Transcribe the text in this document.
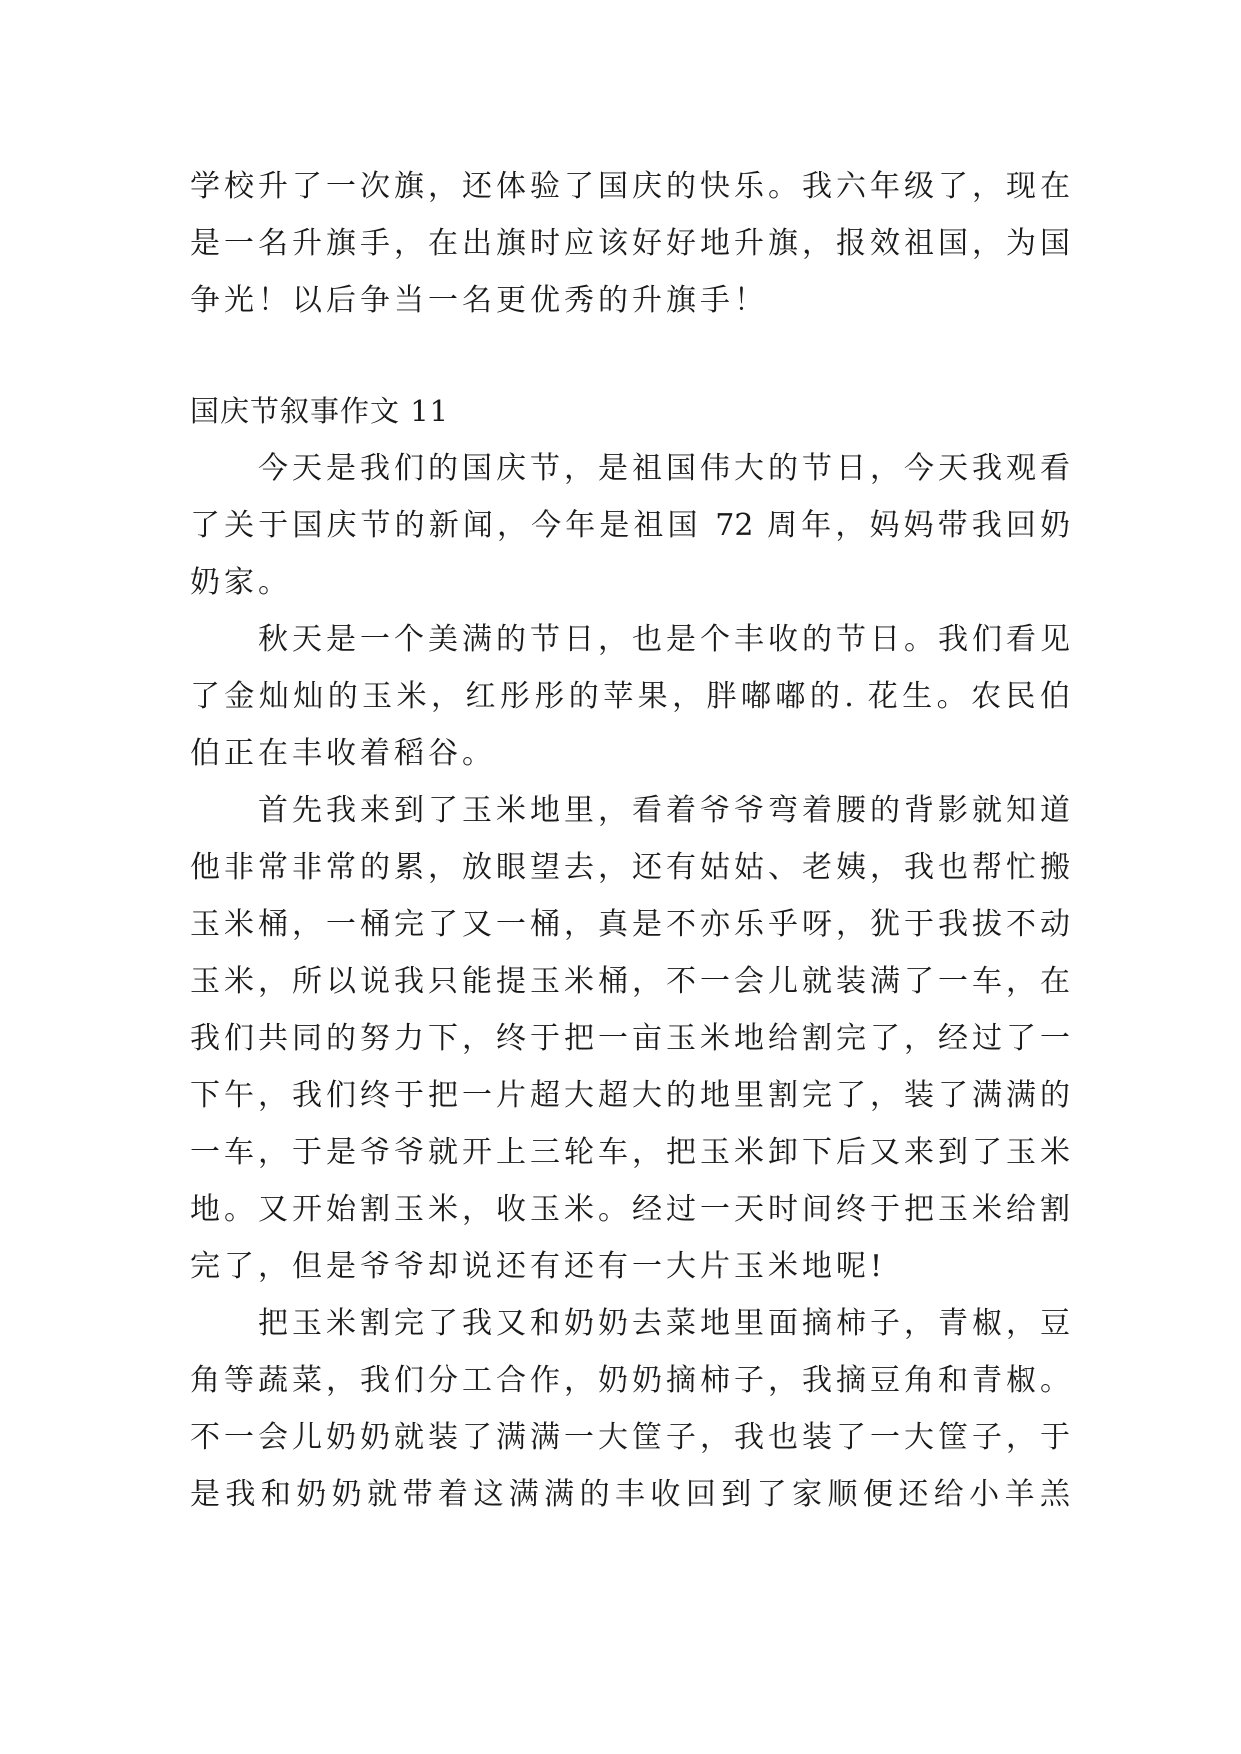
学校升了一次旗，还体验了国庆的快乐。我六年级了，现在
是一名升旗手，在出旗时应该好好地升旗，报效祖国，为国
争光！以后争当一名更优秀的升旗手！
国庆节叙事作文 11
今天是我们的国庆节，是祖国伟大的节日，今天我观看
了关于国庆节的新闻，今年是祖国 72 周年，妈妈带我回奶
奶家。
秋天是一个美满的节日，也是个丰收的节日。我们看见
了金灿灿的玉米，红彤彤的苹果，胖嘟嘟的. 花生。农民伯
伯正在丰收着稻谷。
首先我来到了玉米地里，看着爷爷弯着腰的背影就知道
他非常非常的累，放眼望去，还有姑姑、老姨，我也帮忙搬
玉米桶，一桶完了又一桶，真是不亦乐乎呀，犹于我拔不动
玉米，所以说我只能提玉米桶，不一会儿就装满了一车，在
我们共同的努力下，终于把一亩玉米地给割完了，经过了一
下午，我们终于把一片超大超大的地里割完了，装了满满的
一车，于是爷爷就开上三轮车，把玉米卸下后又来到了玉米
地。又开始割玉米，收玉米。经过一天时间终于把玉米给割
完了，但是爷爷却说还有还有一大片玉米地呢!
把玉米割完了我又和奶奶去菜地里面摘柿子，青椒，豆
角等蔬菜，我们分工合作，奶奶摘柿子，我摘豆角和青椒。
不一会儿奶奶就装了满满一大筐子，我也装了一大筐子，于
是我和奶奶就带着这满满的丰收回到了家顺便还给小羊羔
